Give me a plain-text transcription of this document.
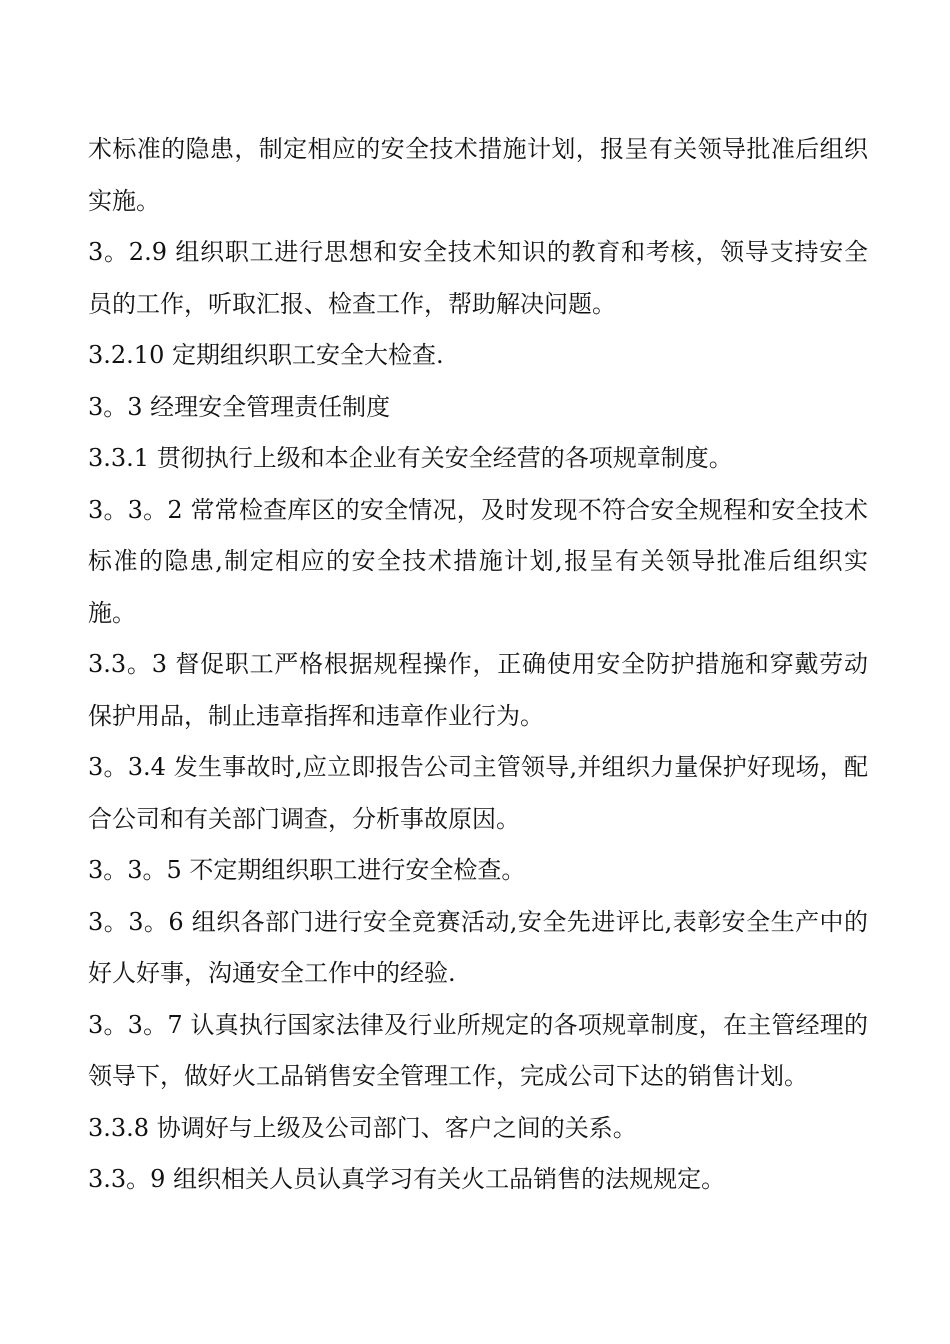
术标准的隐患，制定相应的安全技术措施计划，报呈有关领导批准后组织实施。

3。2.9 组织职工进行思想和安全技术知识的教育和考核，领导支持安全员的工作，听取汇报、检查工作，帮助解决问题。

3.2.10 定期组织职工安全大检查.

3。3 经理安全管理责任制度

3.3.1 贯彻执行上级和本企业有关安全经营的各项规章制度。

3。3。2 常常检查库区的安全情况，及时发现不符合安全规程和安全技术标准的隐患,制定相应的安全技术措施计划,报呈有关领导批准后组织实施。

3.3。3 督促职工严格根据规程操作，正确使用安全防护措施和穿戴劳动保护用品，制止违章指挥和违章作业行为。

3。3.4 发生事故时,应立即报告公司主管领导,并组织力量保护好现场，配合公司和有关部门调查，分析事故原因。

3。3。5 不定期组织职工进行安全检查。

3。3。6 组织各部门进行安全竞赛活动,安全先进评比,表彰安全生产中的好人好事，沟通安全工作中的经验.

3。3。7 认真执行国家法律及行业所规定的各项规章制度，在主管经理的领导下，做好火工品销售安全管理工作，完成公司下达的销售计划。

3.3.8 协调好与上级及公司部门、客户之间的关系。

3.3。9 组织相关人员认真学习有关火工品销售的法规规定。
